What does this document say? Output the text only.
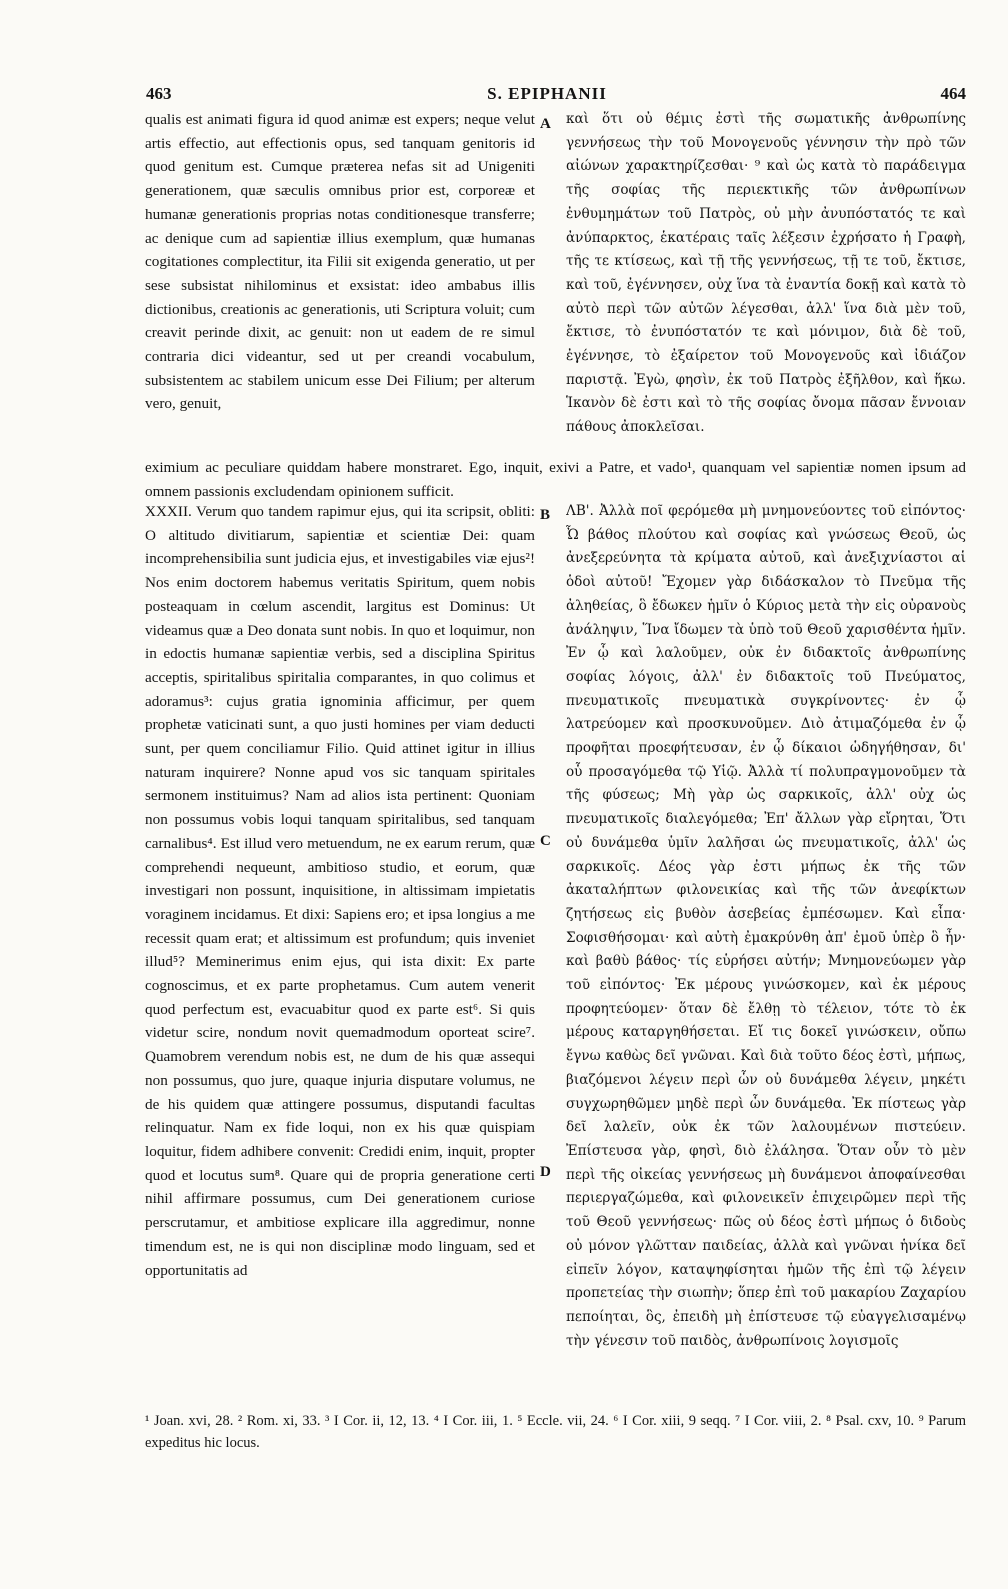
463	S. EPIPHANII	464

qualis est animati figura id quod animæ est expers; neque velut artis effectio, aut effectionis opus, sed tanquam genitoris id quod genitum est. Cumque præterea nefas sit ad Unigeniti generationem, quæ sæculis omnibus prior est, corporeæ et humanæ generationis proprias notas conditionesque transferre; ac denique cum ad sapientiæ illius exemplum, quæ humanas cogitationes complectitur, ita Filii sit exigenda generatio, ut per sese subsistat nihilominus et exsistat: ideo ambabus illis dictionibus, creationis ac generationis, uti Scriptura voluit; cum creavit perinde dixit, ac genuit: non ut eadem de re simul contraria dici videantur, sed ut per creandi vocabulum, subsistentem ac stabilem unicum esse Dei Filium; per alterum vero, genuit,

A καὶ ὅτι οὐ θέμις ἐστὶ τῆς σωματικῆς ἀνθρωπίνης γεννήσεως τὴν τοῦ Μονογενοῦς γέννησιν τὴν πρὸ τῶν αἰώνων χαρακτηρίζεσθαι· ⁹ καὶ ὡς κατὰ τὸ παράδειγμα τῆς σοφίας τῆς περιεκτικῆς τῶν ἀνθρωπίνων ἐνθυμημάτων τοῦ Πατρὸς, οὐ μὴν ἀνυπόστατός τε καὶ ἀνύπαρκτος, ἑκατέραις ταῖς λέξεσιν ἐχρήσατο ἡ Γραφὴ, τῆς τε κτίσεως, καὶ τῇ τῆς γεννήσεως, τῇ τε τοῦ, ἔκτισε, καὶ τοῦ, ἐγέννησεν, οὐχ ἵνα τὰ ἐναντία δοκῇ καὶ κατὰ τὸ αὐτὸ περὶ τῶν αὐτῶν λέγεσθαι, ἀλλ' ἵνα διὰ μὲν τοῦ, ἔκτισε, τὸ ἐνυπόστατόν τε καὶ μόνιμον, διὰ δὲ τοῦ, ἐγέννησε, τὸ ἐξαίρετον τοῦ Μονογενοῦς καὶ ἰδιάζον παριστᾷ. Ἐγὼ, φησὶν, ἐκ τοῦ Πατρὸς ἐξῆλθον, καὶ ἥκω. Ἱκανὸν δὲ ἐστι καὶ τὸ τῆς σοφίας ὄνομα πᾶσαν ἔννοιαν πάθους ἀποκλεῖσαι.

eximium ac peculiare quiddam habere monstraret. Ego, inquit, exivi a Patre, et vado¹, quanquam vel sapientiæ nomen ipsum ad omnem passionis excludendam opinionem sufficit.

B

XXXII. Verum quo tandem rapimur ejus, qui ita scripsit, obliti: O altitudo divitiarum, sapientiæ et scientiæ Dei: quam incomprehensibilia sunt judicia ejus, et investigabiles viæ ejus²! Nos enim doctorem habemus veritatis Spiritum, quem nobis posteaquam in cœlum ascendit, largitus est Dominus: Ut videamus quæ a Deo donata sunt nobis. In quo et loquimur, non in edoctis humanæ sapientiæ verbis, sed a disciplina Spiritus acceptis, spiritalibus spiritalia comparantes, in quo colimus et adoramus³: cujus gratia ignominia afficimur, per quem prophetæ vaticinati sunt, a quo justi homines per viam deducti sunt, per quem conciliamur Filio. Quid attinet igitur in illius naturam inquirere? Nonne apud vos sic tanquam spiritales sermonem instituimus? Nam ad alios ista pertinent: Quoniam non possumus vobis loqui tanquam spiritalibus, sed tanquam carnalibus⁴. Est illud vero metuendum, ne ex earum rerum, quæ comprehendi nequeunt, ambitioso studio, et eorum, quæ investigari non possunt, inquisitione, in altissimam impietatis voraginem incidamus. Et dixi: Sapiens ero; et ipsa longius a me recessit quam erat; et altissimum est profundum; quis inveniet illud⁵? Meminerimus enim ejus, qui ista dixit: Ex parte cognoscimus, et ex parte prophetamus. Cum autem venerit quod perfectum est, evacuabitur quod ex parte est⁶. Si quis videtur scire, nondum novit quemadmodum oporteat scire⁷. Quamobrem verendum nobis est, ne dum de his quæ assequi non possumus, quo jure, quaque injuria disputare volumus, ne de his quidem quæ attingere possumus, disputandi facultas relinquatur. Nam ex fide loqui, non ex his quæ quispiam loquitur, fidem adhibere convenit: Credidi enim, inquit, propter quod et locutus sum⁸. Quare qui de propria generatione certi nihil affirmare possumus, cum Dei generationem curiose perscrutamur, et ambitiose explicare illa aggredimur, nonne timendum est, ne is qui non disciplinæ modo linguam, sed et opportunitatis ad

C
D

ΛΒ'. Ἀλλὰ ποῖ φερόμεθα μὴ μνημονεύοντες τοῦ εἰπόντος· Ὦ βάθος πλούτου καὶ σοφίας καὶ γνώσεως Θεοῦ, ὡς ἀνεξερεύνητα τὰ κρίματα αὐτοῦ, καὶ ἀνεξιχνίαστοι αἱ ὁδοὶ αὐτοῦ! Ἔχομεν γὰρ διδάσκαλον τὸ Πνεῦμα τῆς ἀληθείας, ὃ ἔδωκεν ἡμῖν ὁ Κύριος μετὰ τὴν εἰς οὐρανοὺς ἀνάληψιν, Ἵνα ἴδωμεν τὰ ὑπὸ τοῦ Θεοῦ χαρισθέντα ἡμῖν. Ἐν ᾧ καὶ λαλοῦμεν, οὐκ ἐν διδακτοῖς ἀνθρωπίνης σοφίας λόγοις, ἀλλ' ἐν διδακτοῖς τοῦ Πνεύματος, πνευματικοῖς πνευματικὰ συγκρίνοντες· ἐν ᾧ λατρεύομεν καὶ προσκυνοῦμεν. Διὸ ἀτιμαζόμεθα ἐν ᾧ προφῆται προεφήτευσαν, ἐν ᾧ δίκαιοι ὡδηγήθησαν, δι' οὗ προσαγόμεθα τῷ Υἱῷ. Ἀλλὰ τί πολυπραγμονοῦμεν τὰ τῆς φύσεως; Μὴ γὰρ ὡς σαρκικοῖς, ἀλλ' οὐχ ὡς πνευματικοῖς διαλεγόμεθα; Ἐπ' ἄλλων γὰρ εἴρηται, Ὅτι οὐ δυνάμεθα ὑμῖν λαλῆσαι ὡς πνευματικοῖς, ἀλλ' ὡς σαρκικοῖς. Δέος γὰρ ἐστι μήπως ἐκ τῆς τῶν ἀκαταλήπτων φιλονεικίας καὶ τῆς τῶν ἀνεφίκτων ζητήσεως εἰς βυθὸν ἀσεβείας ἐμπέσωμεν. Καὶ εἶπα· Σοφισθήσομαι· καὶ αὐτὴ ἐμακρύνθη ἀπ' ἐμοῦ ὑπὲρ ὃ ἦν· καὶ βαθὺ βάθος· τίς εὑρήσει αὐτήν; Μνημονεύωμεν γὰρ τοῦ εἰπόντος· Ἐκ μέρους γινώσκομεν, καὶ ἐκ μέρους προφητεύομεν· ὅταν δὲ ἔλθῃ τὸ τέλειον, τότε τὸ ἐκ μέρους καταργηθήσεται. Εἴ τις δοκεῖ γινώσκειν, οὔπω ἔγνω καθὼς δεῖ γνῶναι. Καὶ διὰ τοῦτο δέος ἐστὶ, μήπως, βιαζόμενοι λέγειν περὶ ὧν οὐ δυνάμεθα λέγειν, μηκέτι συγχωρηθῶμεν μηδὲ περὶ ὧν δυνάμεθα. Ἐκ πίστεως γὰρ δεῖ λαλεῖν, οὐκ ἐκ τῶν λαλουμένων πιστεύειν. Ἐπίστευσα γὰρ, φησὶ, διὸ ἐλάλησα. Ὅταν οὖν τὸ μὲν περὶ τῆς οἰκείας γεννήσεως μὴ δυνάμενοι ἀποφαίνεσθαι περιεργαζώμεθα, καὶ φιλονεικεῖν ἐπιχειρῶμεν περὶ τῆς τοῦ Θεοῦ γεννήσεως· πῶς οὐ δέος ἐστὶ μήπως ὁ διδοὺς οὐ μόνον γλῶτταν παιδείας, ἀλλὰ καὶ γνῶναι ἡνίκα δεῖ εἰπεῖν λόγον, καταψηφίσηται ἡμῶν τῆς ἐπὶ τῷ λέγειν προπετείας τὴν σιωπὴν; ὅπερ ἐπὶ τοῦ μακαρίου Ζαχαρίου πεποίηται, ὃς, ἐπειδὴ μὴ ἐπίστευσε τῷ εὐαγγελισαμένῳ τὴν γένεσιν τοῦ παιδὸς, ἀνθρωπίνοις λογισμοῖς

¹ Joan. xvi, 28. ² Rom. xi, 33. ³ I Cor. ii, 12, 13. ⁴ I Cor. iii, 1. ⁵ Eccle. vii, 24. ⁶ I Cor. xiii, 9 seqq. ⁷ I Cor. viii, 2. ⁸ Psal. cxv, 10. ⁹ Parum expeditus hic locus.
